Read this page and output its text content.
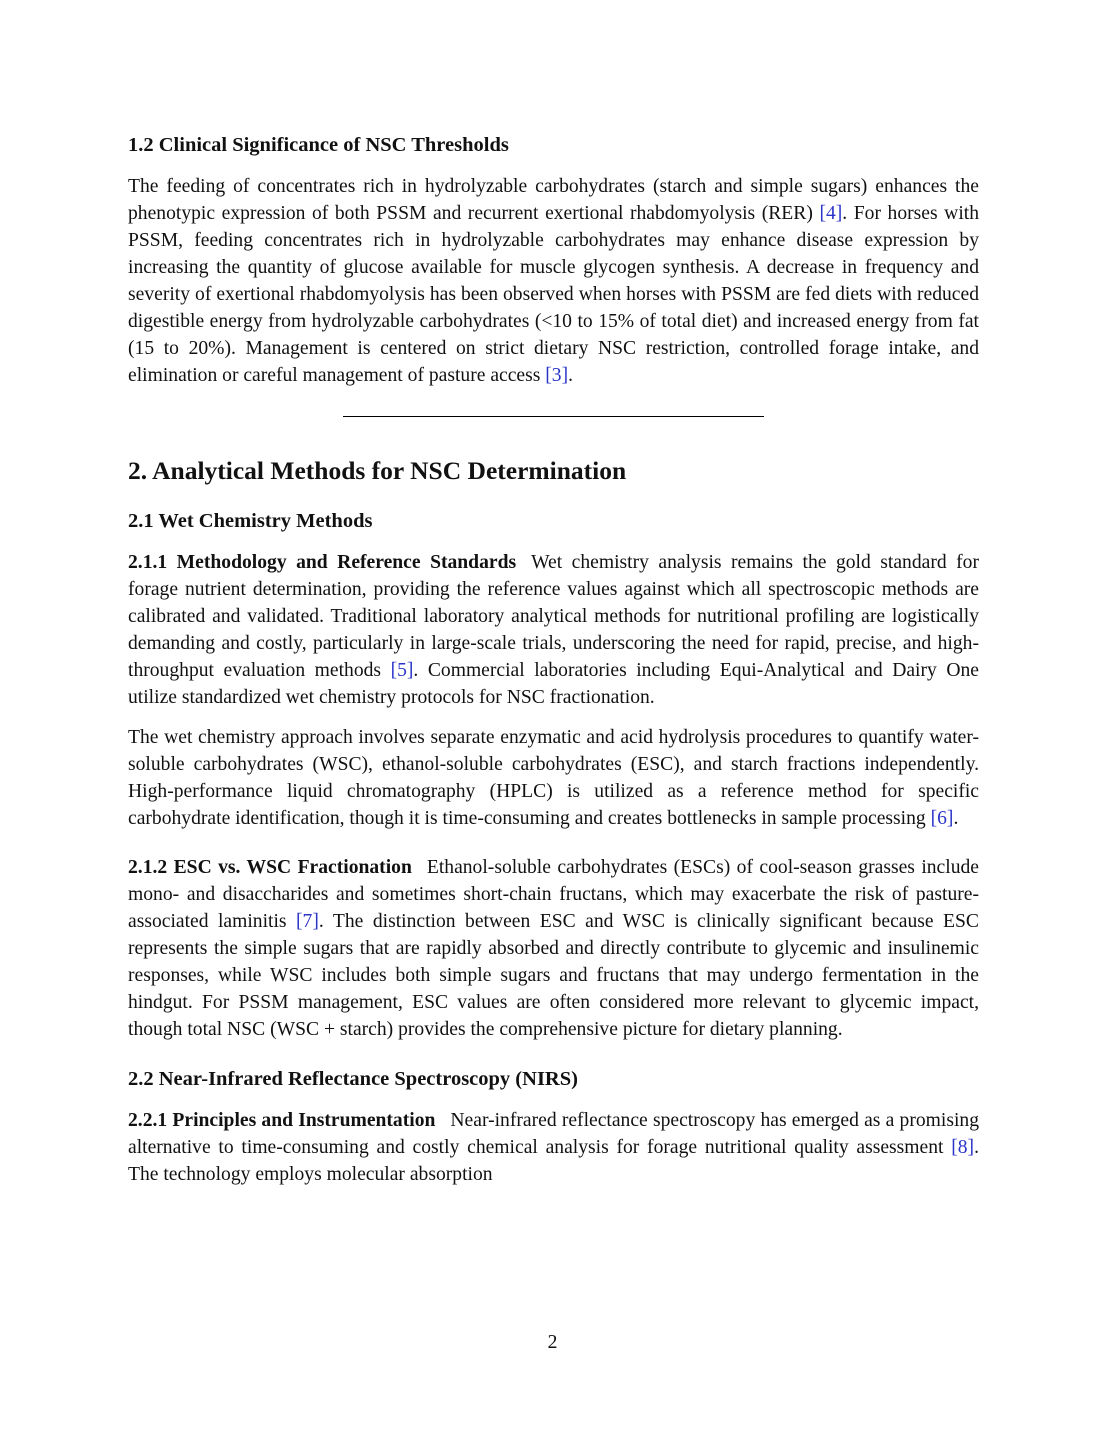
1.2 Clinical Significance of NSC Thresholds

The feeding of concentrates rich in hydrolyzable carbohydrates (starch and simple sugars) enhances the phenotypic expression of both PSSM and recurrent exertional rhabdomyolysis (RER) [4]. For horses with PSSM, feeding concentrates rich in hydrolyzable carbohydrates may enhance disease expression by increasing the quantity of glucose available for muscle glycogen synthesis. A decrease in frequency and severity of exertional rhabdomyolysis has been observed when horses with PSSM are fed diets with reduced digestible energy from hydrolyzable carbohydrates (<10 to 15% of total diet) and increased energy from fat (15 to 20%). Management is centered on strict dietary NSC restriction, controlled forage intake, and elimination or careful management of pasture access [3].

2. Analytical Methods for NSC Determination
2.1 Wet Chemistry Methods

2.1.1 Methodology and Reference Standards Wet chemistry analysis remains the gold standard for forage nutrient determination, providing the reference values against which all spectroscopic methods are calibrated and validated. Traditional laboratory analytical methods for nutritional profiling are logistically demanding and costly, particularly in large-scale trials, underscoring the need for rapid, precise, and high-throughput evaluation methods [5]. Commercial laboratories including Equi-Analytical and Dairy One utilize standardized wet chemistry protocols for NSC fractionation.

The wet chemistry approach involves separate enzymatic and acid hydrolysis procedures to quantify water-soluble carbohydrates (WSC), ethanol-soluble carbohydrates (ESC), and starch fractions independently. High-performance liquid chromatography (HPLC) is utilized as a reference method for specific carbohydrate identification, though it is time-consuming and creates bottlenecks in sample processing [6].

2.1.2 ESC vs. WSC Fractionation Ethanol-soluble carbohydrates (ESCs) of cool-season grasses include mono- and disaccharides and sometimes short-chain fructans, which may exacerbate the risk of pasture-associated laminitis [7]. The distinction between ESC and WSC is clinically significant because ESC represents the simple sugars that are rapidly absorbed and directly contribute to glycemic and insulinemic responses, while WSC includes both simple sugars and fructans that may undergo fermentation in the hindgut. For PSSM management, ESC values are often considered more relevant to glycemic impact, though total NSC (WSC + starch) provides the comprehensive picture for dietary planning.

2.2 Near-Infrared Reflectance Spectroscopy (NIRS)

2.2.1 Principles and Instrumentation Near-infrared reflectance spectroscopy has emerged as a promising alternative to time-consuming and costly chemical analysis for forage nutritional quality assessment [8]. The technology employs molecular absorption

2
